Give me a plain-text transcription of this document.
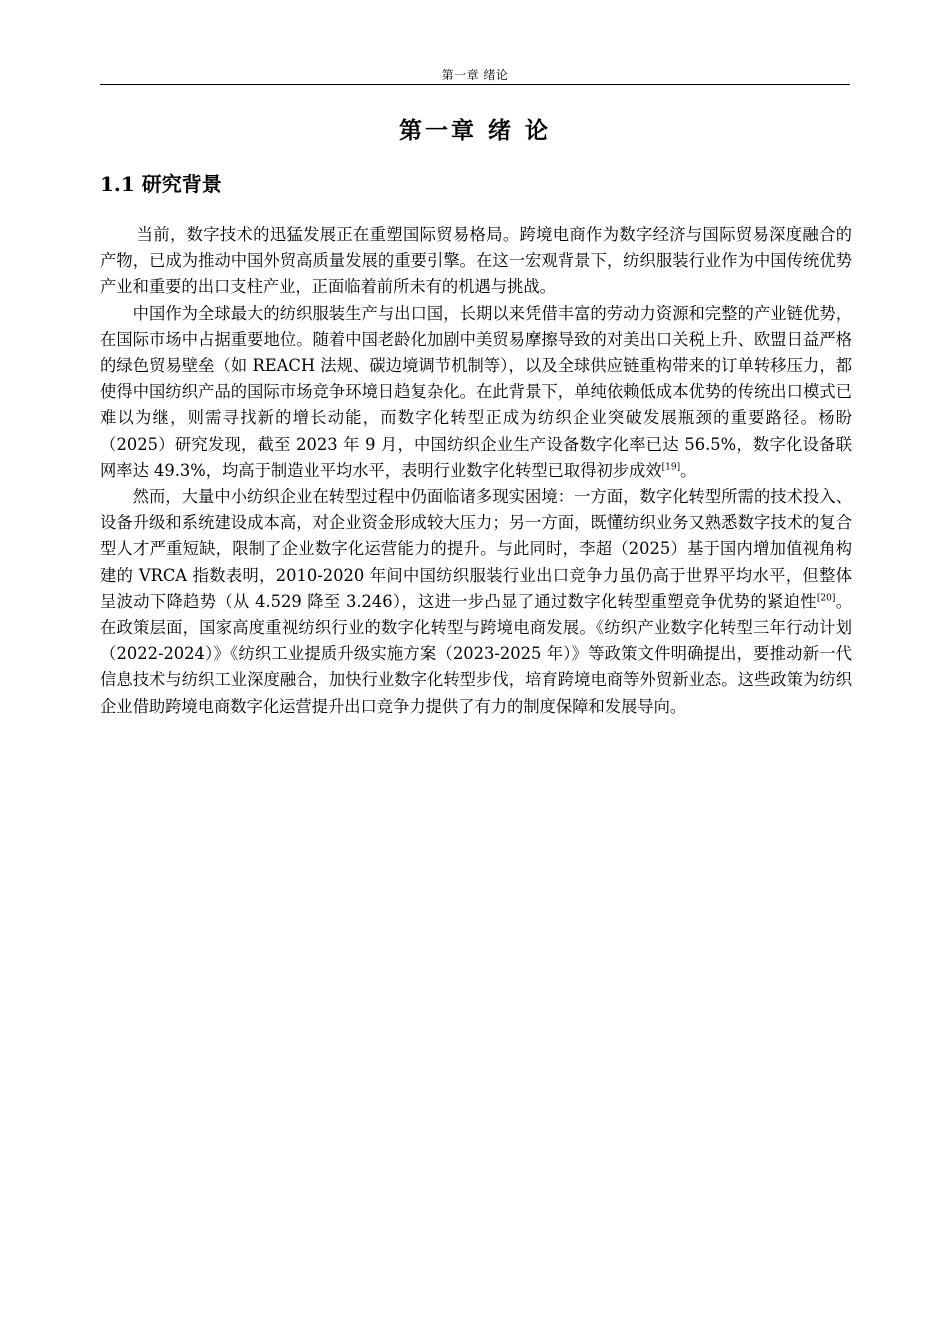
第一章 绪论
第一章 绪 论
1.1 研究背景

当前，数字技术的迅猛发展正在重塑国际贸易格局。跨境电商作为数字经济与国际贸易深度融合的产物，已成为推动中国外贸高质量发展的重要引擎。在这一宏观背景下，纺织服装行业作为中国传统优势产业和重要的出口支柱产业，正面临着前所未有的机遇与挑战。

中国作为全球最大的纺织服装生产与出口国，长期以来凭借丰富的劳动力资源和完整的产业链优势，在国际市场中占据重要地位。随着中国老龄化加剧中美贸易摩擦导致的对美出口关税上升、欧盟日益严格的绿色贸易壁垒（如 REACH 法规、碳边境调节机制等），以及全球供应链重构带来的订单转移压力，都使得中国纺织产品的国际市场竞争环境日趋复杂化。在此背景下，单纯依赖低成本优势的传统出口模式已难以为继，则需寻找新的增长动能，而数字化转型正成为纺织企业突破发展瓶颈的重要路径。杨盼（2025）研究发现，截至 2023 年 9 月，中国纺织企业生产设备数字化率已达 56.5%，数字化设备联网率达 49.3%，均高于制造业平均水平，表明行业数字化转型已取得初步成效[19]。

然而，大量中小纺织企业在转型过程中仍面临诸多现实困境：一方面，数字化转型所需的技术投入、设备升级和系统建设成本高，对企业资金形成较大压力；另一方面，既懂纺织业务又熟悉数字技术的复合型人才严重短缺，限制了企业数字化运营能力的提升。与此同时，李超（2025）基于国内增加值视角构建的 VRCA 指数表明，2010-2020 年间中国纺织服装行业出口竞争力虽仍高于世界平均水平，但整体呈波动下降趋势（从 4.529 降至 3.246），这进一步凸显了通过数字化转型重塑竞争优势的紧迫性[20]。在政策层面，国家高度重视纺织行业的数字化转型与跨境电商发展。《纺织产业数字化转型三年行动计划（2022-2024）》《纺织工业提质升级实施方案（2023-2025 年）》等政策文件明确提出，要推动新一代信息技术与纺织工业深度融合，加快行业数字化转型步伐，培育跨境电商等外贸新业态。这些政策为纺织企业借助跨境电商数字化运营提升出口竞争力提供了有力的制度保障和发展导向。
